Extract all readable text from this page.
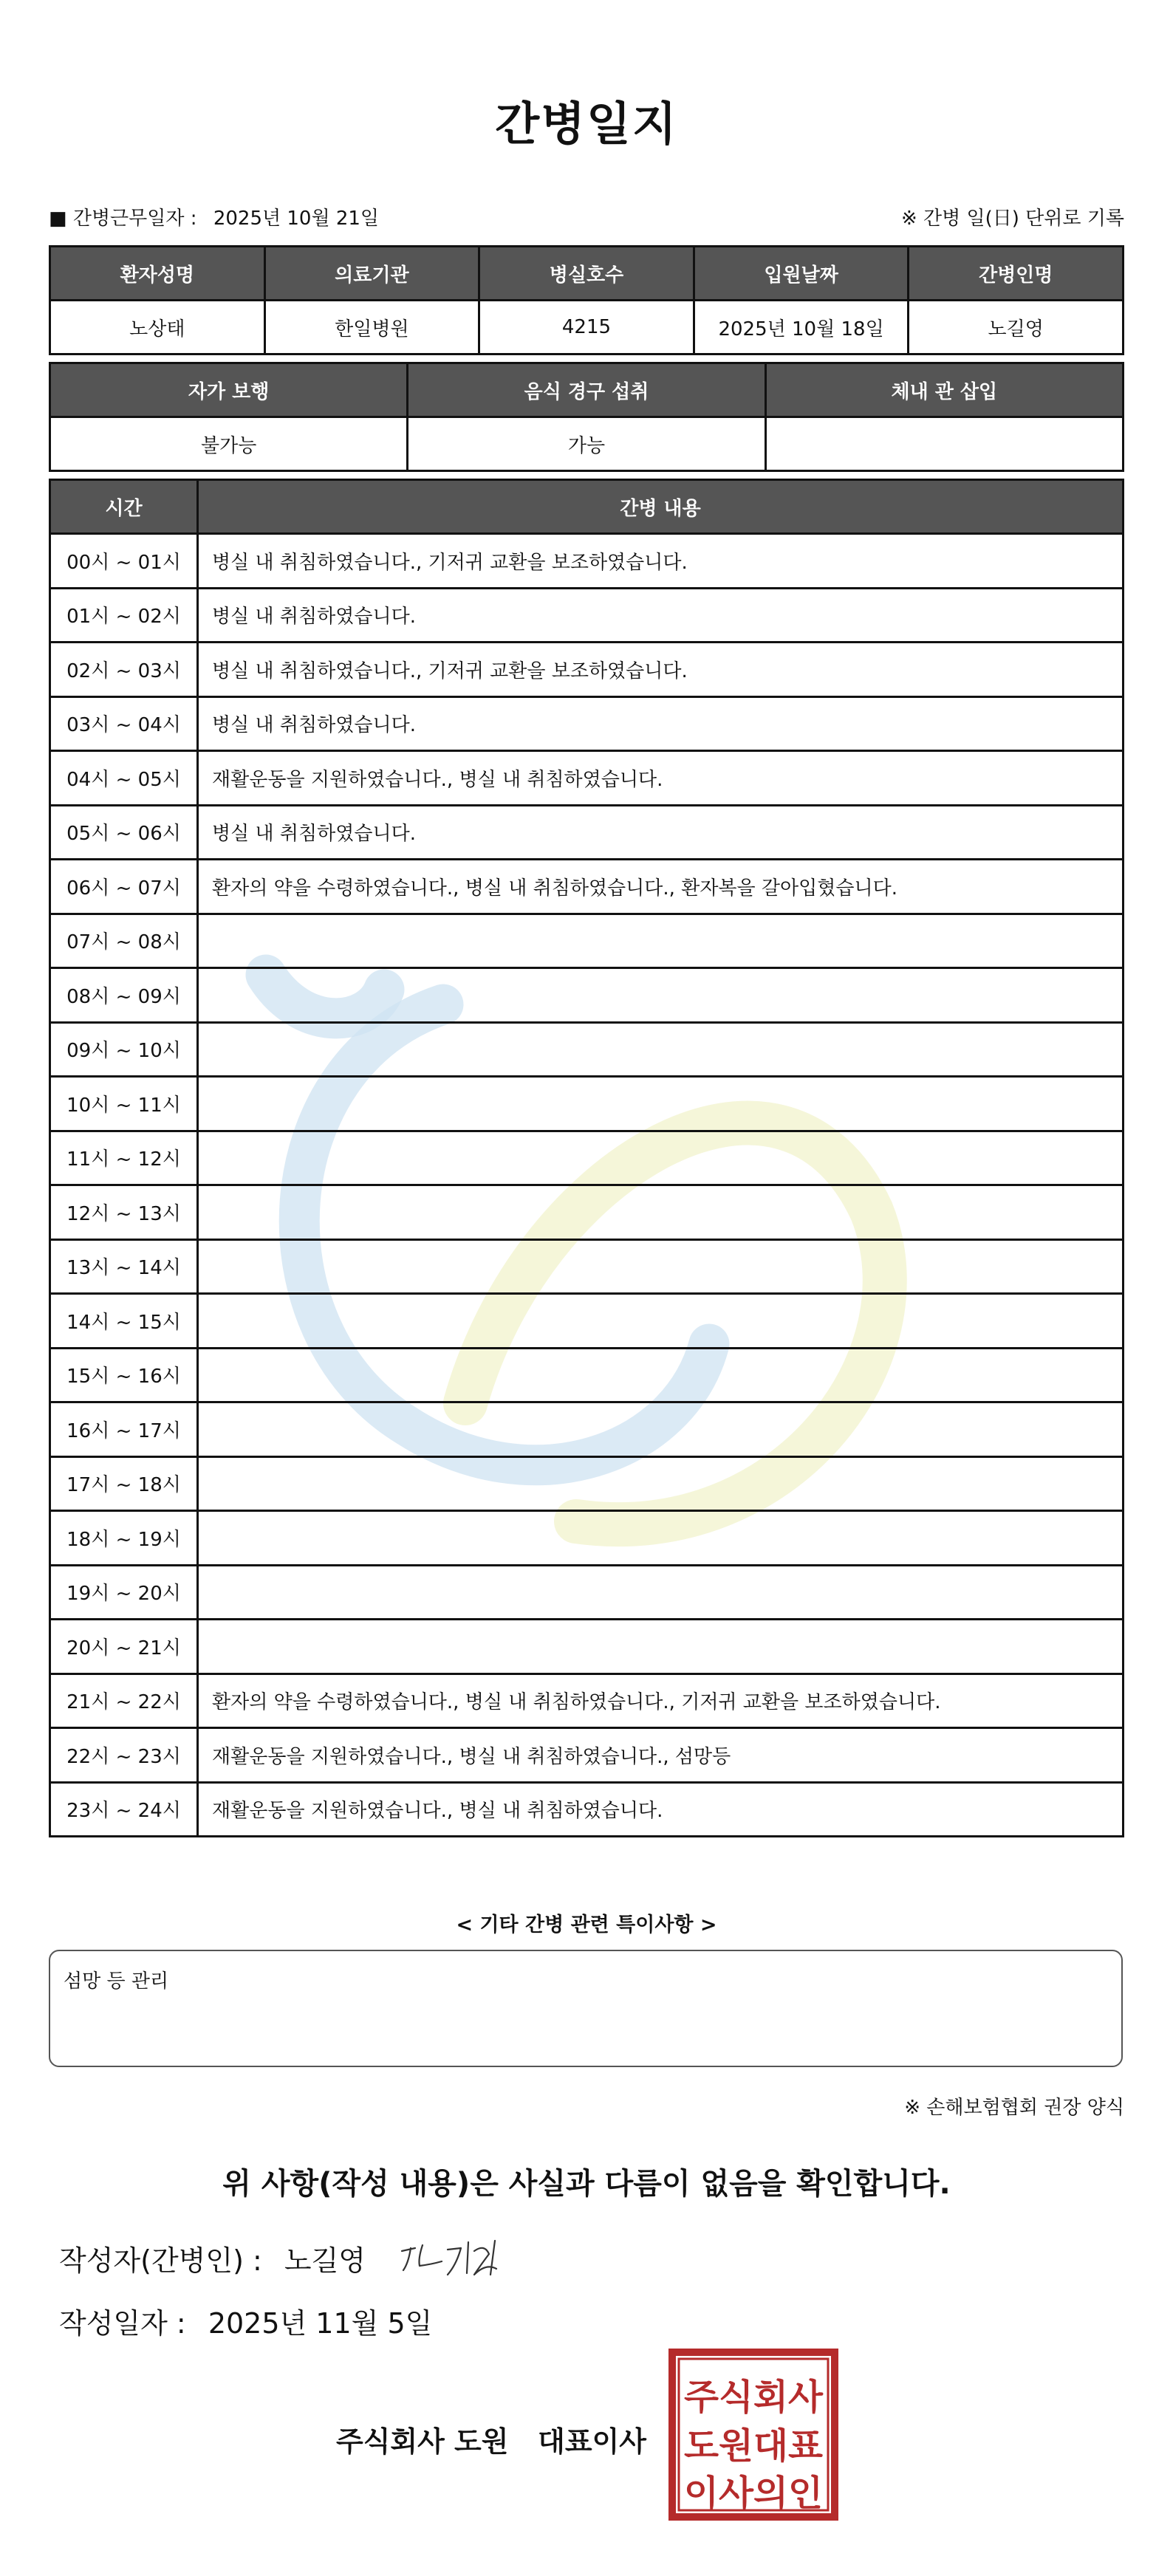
간병일지
■ 간병근무일자 : 2025년 10월 21일	※ 간병 일(日) 단위로 기록
환자성명	의료기관	병실호수	입원날짜	간병인명
노상태	한일병원	4215	2025년 10월 18일	노길영
자가 보행	음식 경구 섭취	체내 관 삽입
불가능	가능	
시간	간병 내용
00시 ~ 01시	병실 내 취침하였습니다., 기저귀 교환을 보조하였습니다.
01시 ~ 02시	병실 내 취침하였습니다.
02시 ~ 03시	병실 내 취침하였습니다., 기저귀 교환을 보조하였습니다.
03시 ~ 04시	병실 내 취침하였습니다.
04시 ~ 05시	재활운동을 지원하였습니다., 병실 내 취침하였습니다.
05시 ~ 06시	병실 내 취침하였습니다.
06시 ~ 07시	환자의 약을 수령하였습니다., 병실 내 취침하였습니다., 환자복을 갈아입혔습니다.
07시 ~ 08시	
08시 ~ 09시	
09시 ~ 10시	
10시 ~ 11시	
11시 ~ 12시	
12시 ~ 13시	
13시 ~ 14시	
14시 ~ 15시	
15시 ~ 16시	
16시 ~ 17시	
17시 ~ 18시	
18시 ~ 19시	
19시 ~ 20시	
20시 ~ 21시	
21시 ~ 22시	환자의 약을 수령하였습니다., 병실 내 취침하였습니다., 기저귀 교환을 보조하였습니다.
22시 ~ 23시	재활운동을 지원하였습니다., 병실 내 취침하였습니다., 섬망등
23시 ~ 24시	재활운동을 지원하였습니다., 병실 내 취침하였습니다.
< 기타 간병 관련 특이사항 >
섬망 등 관리
※ 손해보험협회 권장 양식
위 사항(작성 내용)은 사실과 다름이 없음을 확인합니다.
작성자(간병인) : 노길영
작성일자 : 2025년 11월 5일
주식회사 도원   대표이사
주식회사
도원대표
이사의인
